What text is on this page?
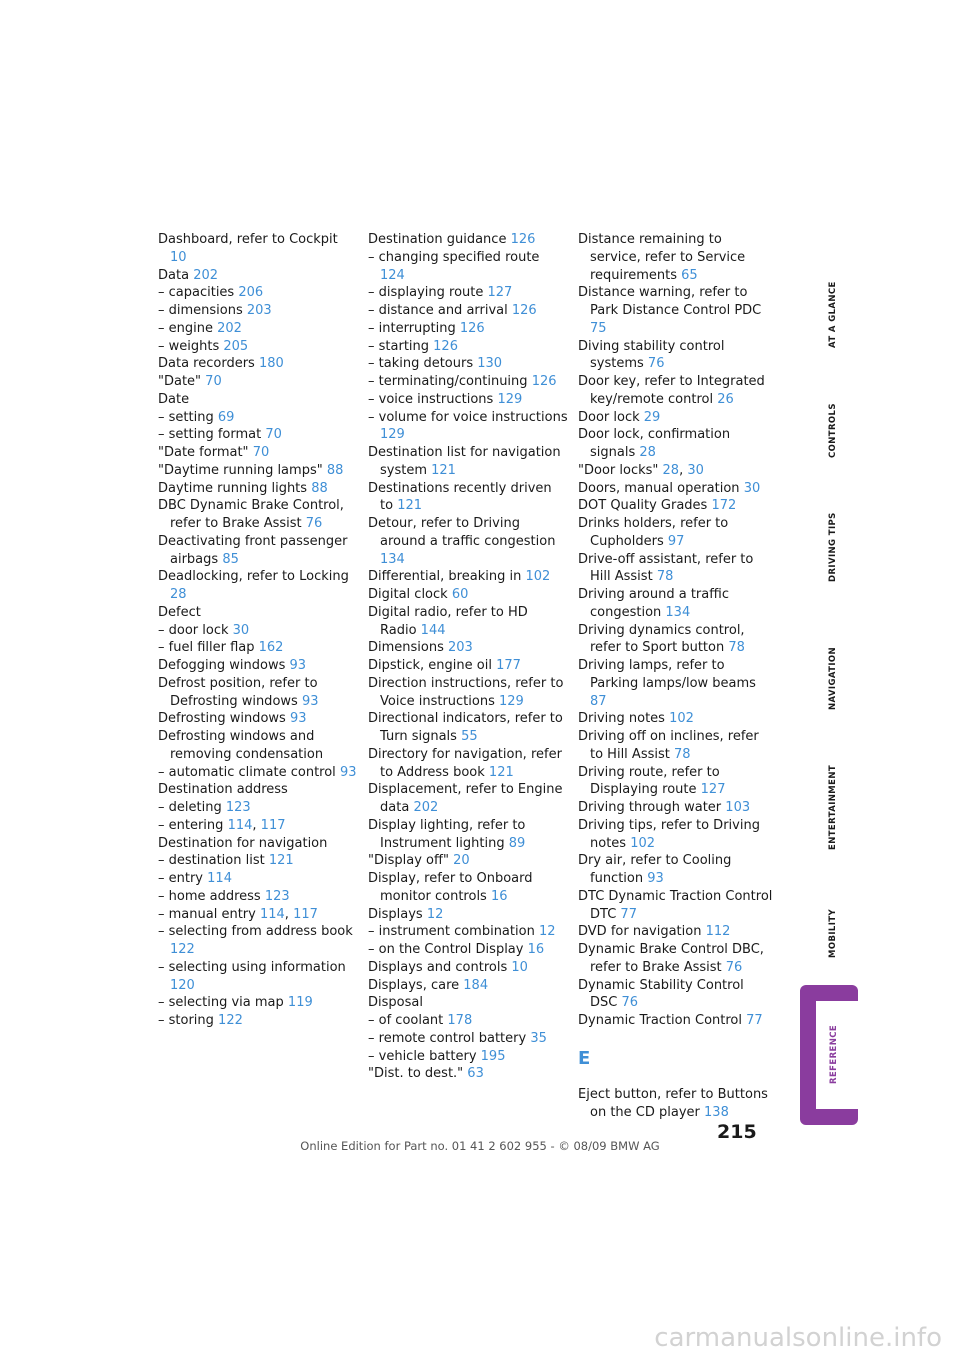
Dashboard, refer to Cockpit 10
Data 202
– capacities 206
– dimensions 203
– engine 202
– weights 205
Data recorders 180
"Date" 70
Date
– setting 69
– setting format 70
"Date format" 70
"Daytime running lamps" 88
Daytime running lights 88
DBC Dynamic Brake Control, refer to Brake Assist 76
Deactivating front passenger airbags 85
Deadlocking, refer to Locking 28
Defect
– door lock 30
– fuel filler flap 162
Defogging windows 93
Defrost position, refer to Defrosting windows 93
Defrosting windows 93
Defrosting windows and removing condensation
– automatic climate control 93
Destination address
– deleting 123
– entering 114, 117
Destination for navigation
– destination list 121
– entry 114
– home address 123
– manual entry 114, 117
– selecting from address book 122
– selecting using information 120
– selecting via map 119
– storing 122
Destination guidance 126
– changing specified route 124
– displaying route 127
– distance and arrival 126
– interrupting 126
– starting 126
– taking detours 130
– terminating/continuing 126
– voice instructions 129
– volume for voice instructions 129
Destination list for navigation system 121
Destinations recently driven to 121
Detour, refer to Driving around a traffic congestion 134
Differential, breaking in 102
Digital clock 60
Digital radio, refer to HD Radio 144
Dimensions 203
Dipstick, engine oil 177
Direction instructions, refer to Voice instructions 129
Directional indicators, refer to Turn signals 55
Directory for navigation, refer to Address book 121
Displacement, refer to Engine data 202
Display lighting, refer to Instrument lighting 89
"Display off" 20
Display, refer to Onboard monitor controls 16
Displays 12
– instrument combination 12
– on the Control Display 16
Displays and controls 10
Displays, care 184
Disposal
– of coolant 178
– remote control battery 35
– vehicle battery 195
"Dist. to dest." 63
Distance remaining to service, refer to Service requirements 65
Distance warning, refer to Park Distance Control PDC 75
Diving stability control systems 76
Door key, refer to Integrated key/remote control 26
Door lock 29
Door lock, confirmation signals 28
"Door locks" 28, 30
Doors, manual operation 30
DOT Quality Grades 172
Drinks holders, refer to Cupholders 97
Drive-off assistant, refer to Hill Assist 78
Driving around a traffic congestion 134
Driving dynamics control, refer to Sport button 78
Driving lamps, refer to Parking lamps/low beams 87
Driving notes 102
Driving off on inclines, refer to Hill Assist 78
Driving route, refer to Displaying route 127
Driving through water 103
Driving tips, refer to Driving notes 102
Dry air, refer to Cooling function 93
DTC Dynamic Traction Control DTC 77
DVD for navigation 112
Dynamic Brake Control DBC, refer to Brake Assist 76
Dynamic Stability Control DSC 76
Dynamic Traction Control 77
E
Eject button, refer to Buttons on the CD player 138
AT A GLANCE
CONTROLS
DRIVING TIPS
NAVIGATION
ENTERTAINMENT
MOBILITY
REFERENCE
215
Online Edition for Part no. 01 41 2 602 955 - © 08/09 BMW AG
carmanualsonline.info
